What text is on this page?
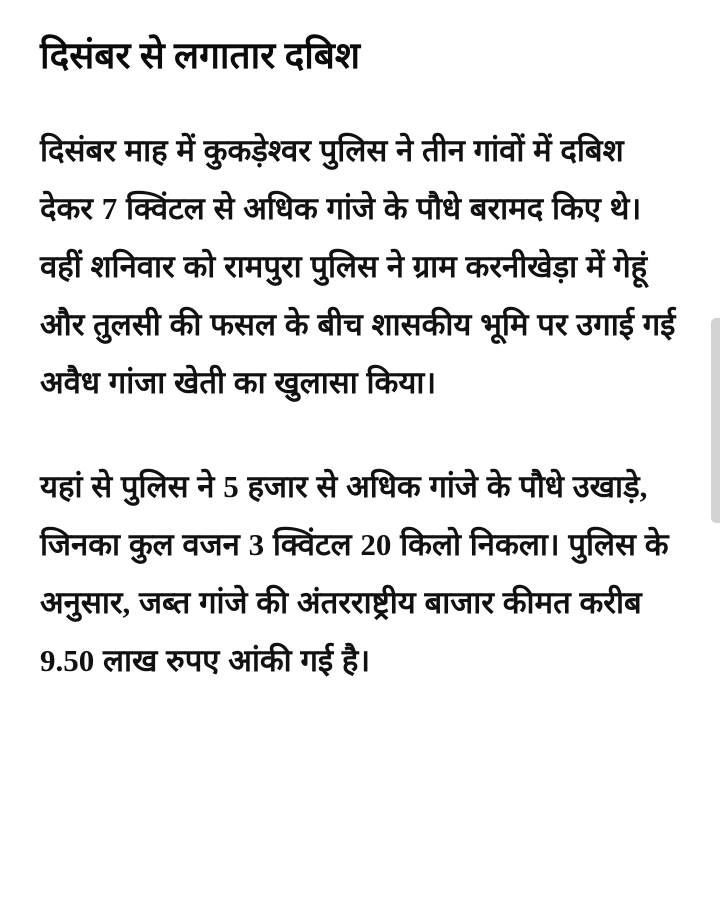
दिसंबर से लगातार दबिश

दिसंबर माह में कुकड़ेश्वर पुलिस ने तीन गांवों में दबिश देकर 7 क्विंटल से अधिक गांजे के पौधे बरामद किए थे। वहीं शनिवार को रामपुरा पुलिस ने ग्राम करनीखेड़ा में गेहूं और तुलसी की फसल के बीच शासकीय भूमि पर उगाई गई अवैध गांजा खेती का खुलासा किया।

यहां से पुलिस ने 5 हजार से अधिक गांजे के पौधे उखाड़े, जिनका कुल वजन 3 क्विंटल 20 किलो निकला। पुलिस के अनुसार, जब्त गांजे की अंतरराष्ट्रीय बाजार कीमत करीब 9.50 लाख रुपए आंकी गई है।
